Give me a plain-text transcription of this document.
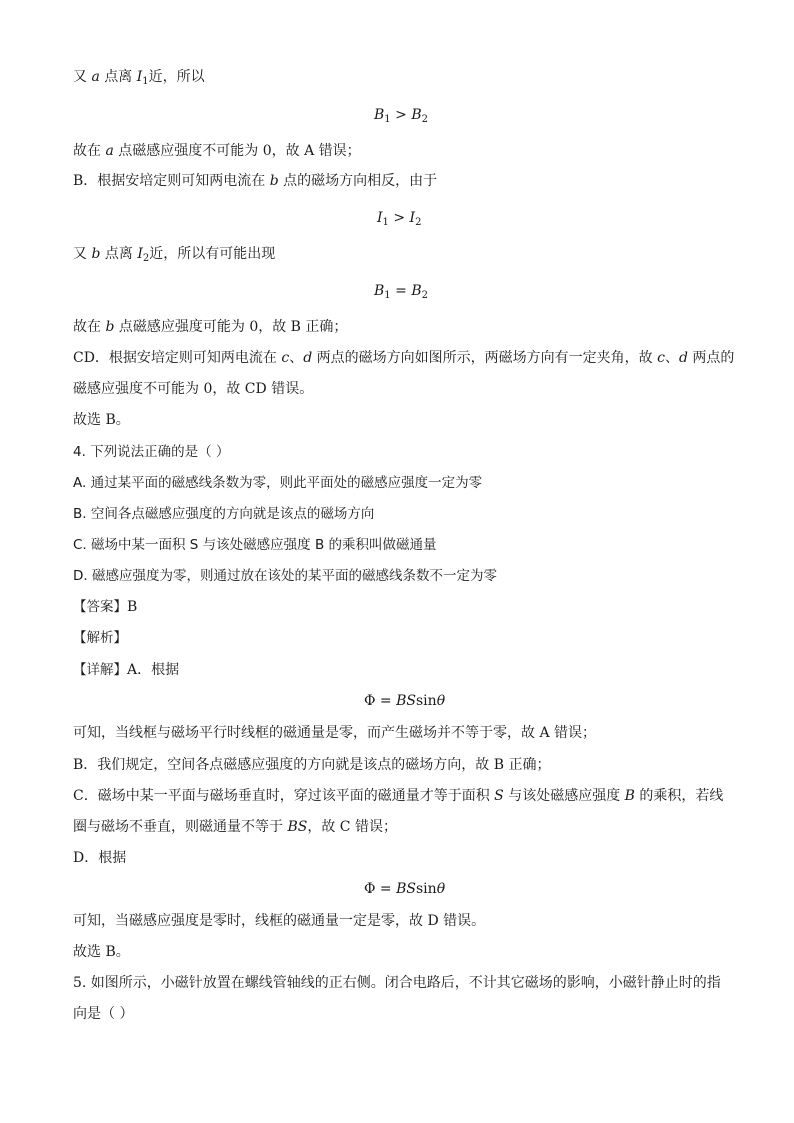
又 a 点离 $I_1$近，所以
$B_1 > B_2$
故在 a 点磁感应强度不可能为 0，故 A 错误；
B．根据安培定则可知两电流在 b 点的磁场方向相反，由于
$I_1 > I_2$
又 b 点离 $I_2$近，所以有可能出现
$B_1 = B_2$
故在 b 点磁感应强度可能为 0，故 B 正确；
CD．根据安培定则可知两电流在 c、d 两点的磁场方向如图所示，两磁场方向有一定夹角，故 c、d 两点的
磁感应强度不可能为 0，故 CD 错误。
故选 B。
4. 下列说法正确的是（ ）
A. 通过某平面的磁感线条数为零，则此平面处的磁感应强度一定为零
B. 空间各点磁感应强度的方向就是该点的磁场方向
C. 磁场中某一面积 S 与该处磁感应强度 B 的乘积叫做磁通量
D. 磁感应强度为零，则通过放在该处的某平面的磁感线条数不一定为零
【答案】B
【解析】
【详解】A．根据
Φ = BSsinθ
可知，当线框与磁场平行时线框的磁通量是零，而产生磁场并不等于零，故 A 错误；
B．我们规定，空间各点磁感应强度的方向就是该点的磁场方向，故 B 正确；
C．磁场中某一平面与磁场垂直时，穿过该平面的磁通量才等于面积 S 与该处磁感应强度 B 的乘积，若线
圈与磁场不垂直，则磁通量不等于 BS，故 C 错误；
D．根据
Φ = BSsinθ
可知，当磁感应强度是零时，线框的磁通量一定是零，故 D 错误。
故选 B。
5. 如图所示，小磁针放置在螺线管轴线的正右侧。闭合电路后，不计其它磁场的影响，小磁针静止时的指
向是（ ）
